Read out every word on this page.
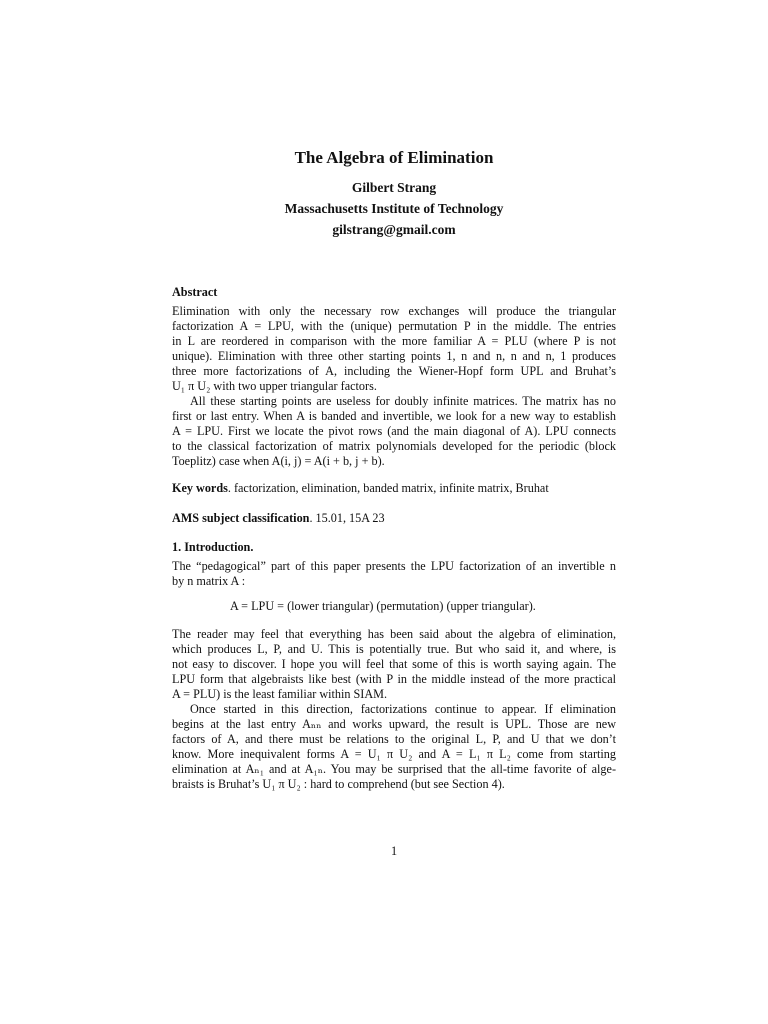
The Algebra of Elimination
Gilbert Strang
Massachusetts Institute of Technology
gilstrang@gmail.com
Abstract
Elimination with only the necessary row exchanges will produce the triangular
factorization A = LPU, with the (unique) permutation P in the middle. The entries
in L are reordered in comparison with the more familiar A = PLU (where P is not
unique). Elimination with three other starting points 1, n and n, n and n, 1 produces
three more factorizations of A, including the Wiener-Hopf form UPL and Bruhat’s
U₁ π U₂ with two upper triangular factors.
All these starting points are useless for doubly infinite matrices. The matrix has no
first or last entry. When A is banded and invertible, we look for a new way to establish
A = LPU. First we locate the pivot rows (and the main diagonal of A). LPU connects
to the classical factorization of matrix polynomials developed for the periodic (block
Toeplitz) case when A(i, j) = A(i + b, j + b).
Key words. factorization, elimination, banded matrix, infinite matrix, Bruhat
AMS subject classification. 15.01, 15A 23
1. Introduction.
The “pedagogical” part of this paper presents the LPU factorization of an invertible n
by n matrix A :
A = LPU = (lower triangular) (permutation) (upper triangular).
The reader may feel that everything has been said about the algebra of elimination,
which produces L, P, and U. This is potentially true. But who said it, and where, is
not easy to discover. I hope you will feel that some of this is worth saying again. The
LPU form that algebraists like best (with P in the middle instead of the more practical
A = PLU) is the least familiar within SIAM.
Once started in this direction, factorizations continue to appear. If elimination
begins at the last entry Aₙₙ and works upward, the result is UPL. Those are new
factors of A, and there must be relations to the original L, P, and U that we don’t
know. More inequivalent forms A = U₁ π U₂ and A = L₁ π L₂ come from starting
elimination at Aₙ₁ and at A₁ₙ. You may be surprised that the all-time favorite of alge-
braists is Bruhat’s U₁ π U₂ : hard to comprehend (but see Section 4).
1
